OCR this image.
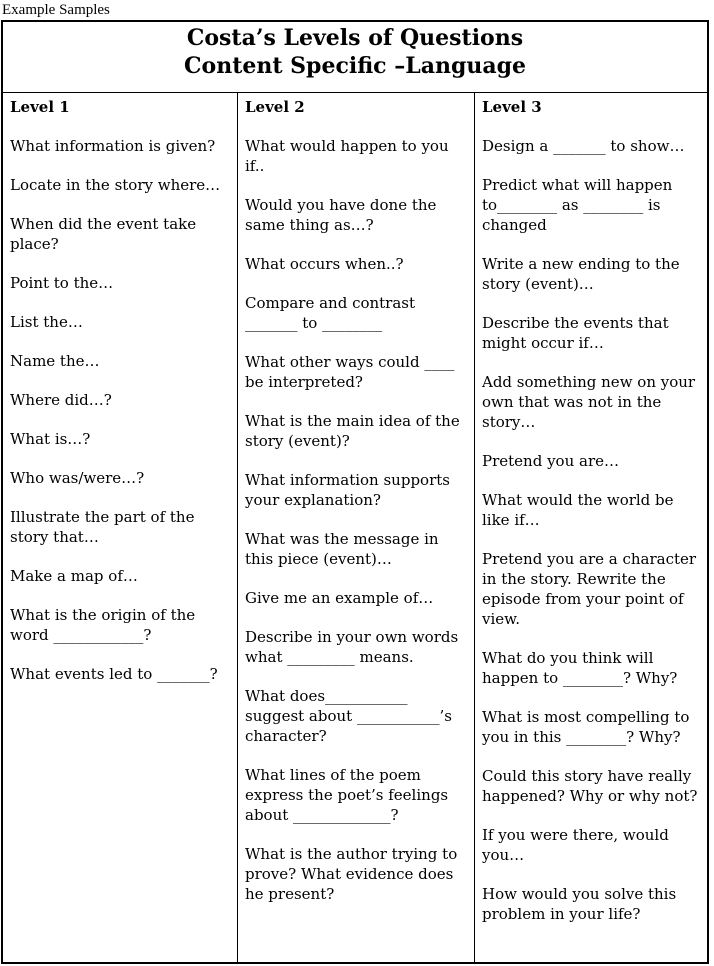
Example Samples
Costa’s Levels of Questions
Content Specific –Language
Level 1
What information is given?
Locate in the story where…
When did the event take place?
Point to the…
List the…
Name the…
Where did…?
What is…?
Who was/were…?
Illustrate the part of the story that…
Make a map of…
What is the origin of the word ____________?
What events led to _______?
Level 2
What would happen to you if..
Would you have done the same thing as…?
What occurs when..?
Compare and contrast _______ to ________
What other ways could ____ be interpreted?
What is the main idea of the story (event)?
What information supports your explanation?
What was the message in this piece (event)…
Give me an example of…
Describe in your own words what _________ means.
What does___________ suggest about ___________’s character?
What lines of the poem express the poet’s feelings about _____________?
What is the author trying to prove? What evidence does he present?
Level 3
Design a _______ to show…
Predict what will happen to________ as ________ is changed
Write a new ending to the story (event)…
Describe the events that might occur if…
Add something new on your own that was not in the story…
Pretend you are…
What would the world be like if…
Pretend you are a character in the story. Rewrite the episode from your point of view.
What do you think will happen to ________? Why?
What is most compelling to you in this ________? Why?
Could this story have really happened? Why or why not?
If you were there, would you…
How would you solve this problem in your life?
